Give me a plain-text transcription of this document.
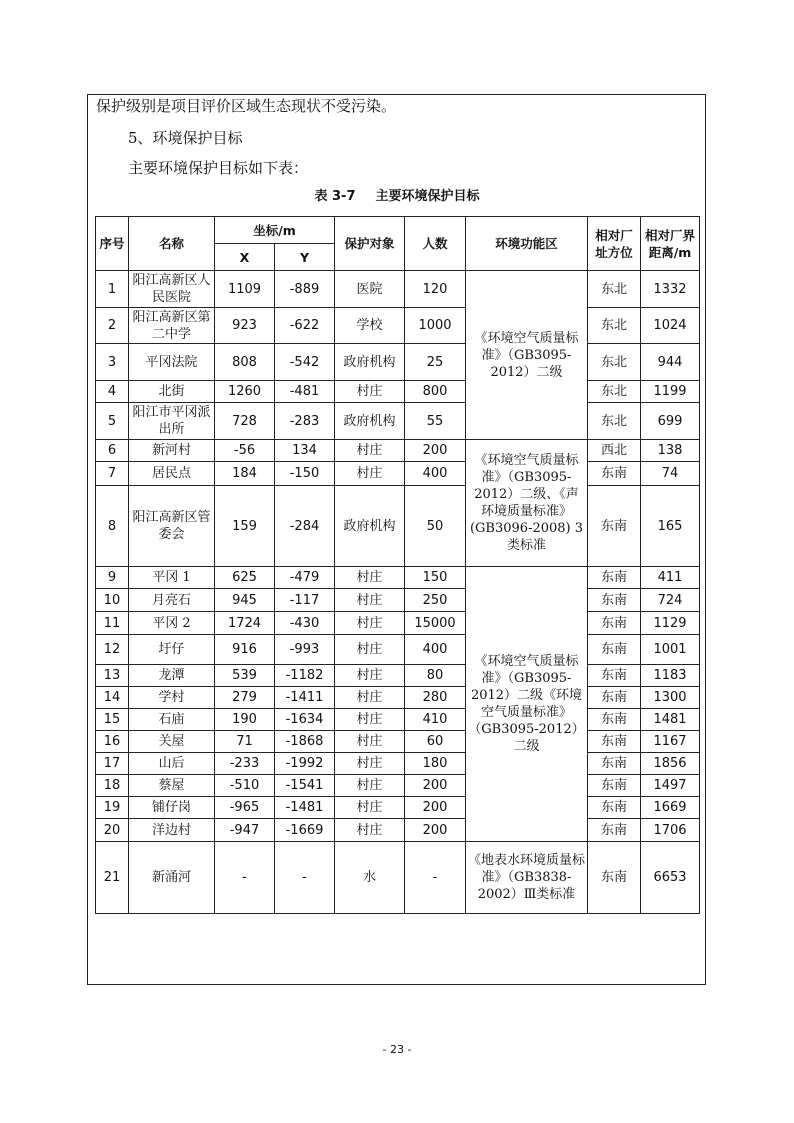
保护级别是项目评价区域生态现状不受污染。
5、环境保护目标
主要环境保护目标如下表：
表 3-7 主要环境保护目标
序号	名称	坐标/m		保护对象	人数	环境功能区	相对厂址方位	相对厂界距离/m
		X	Y					
1	阳江高新区人民医院	1109	-889	医院	120	《环境空气质量标准》（GB3095-2012）二级	东北	1332
2	阳江高新区第二中学	923	-622	学校	1000		东北	1024
3	平冈法院	808	-542	政府机构	25		东北	944
4	北街	1260	-481	村庄	800		东北	1199
5	阳江市平冈派出所	728	-283	政府机构	55		东北	699
6	新河村	-56	134	村庄	200	《环境空气质量标准》（GB3095-2012）二级、《声环境质量标准》(GB3096-2008) 3类标准	西北	138
7	居民点	184	-150	村庄	400		东南	74
8	阳江高新区管委会	159	-284	政府机构	50		东南	165
9	平冈 1	625	-479	村庄	150	《环境空气质量标准》（GB3095-2012）二级《环境空气质量标准》（GB3095-2012）二级	东南	411
10	月亮石	945	-117	村庄	250		东南	724
11	平冈 2	1724	-430	村庄	15000		东南	1129
12	圩仔	916	-993	村庄	400		东南	1001
13	龙潭	539	-1182	村庄	80		东南	1183
14	学村	279	-1411	村庄	280		东南	1300
15	石庙	190	-1634	村庄	410		东南	1481
16	关屋	71	-1868	村庄	60		东南	1167
17	山后	-233	-1992	村庄	180		东南	1856
18	蔡屋	-510	-1541	村庄	200		东南	1497
19	铺仔岗	-965	-1481	村庄	200		东南	1669
20	洋边村	-947	-1669	村庄	200		东南	1706
21	新涌河	-	-	水	-	《地表水环境质量标准》（GB3838-2002）Ⅲ类标准	东南	6653
- 23 -
